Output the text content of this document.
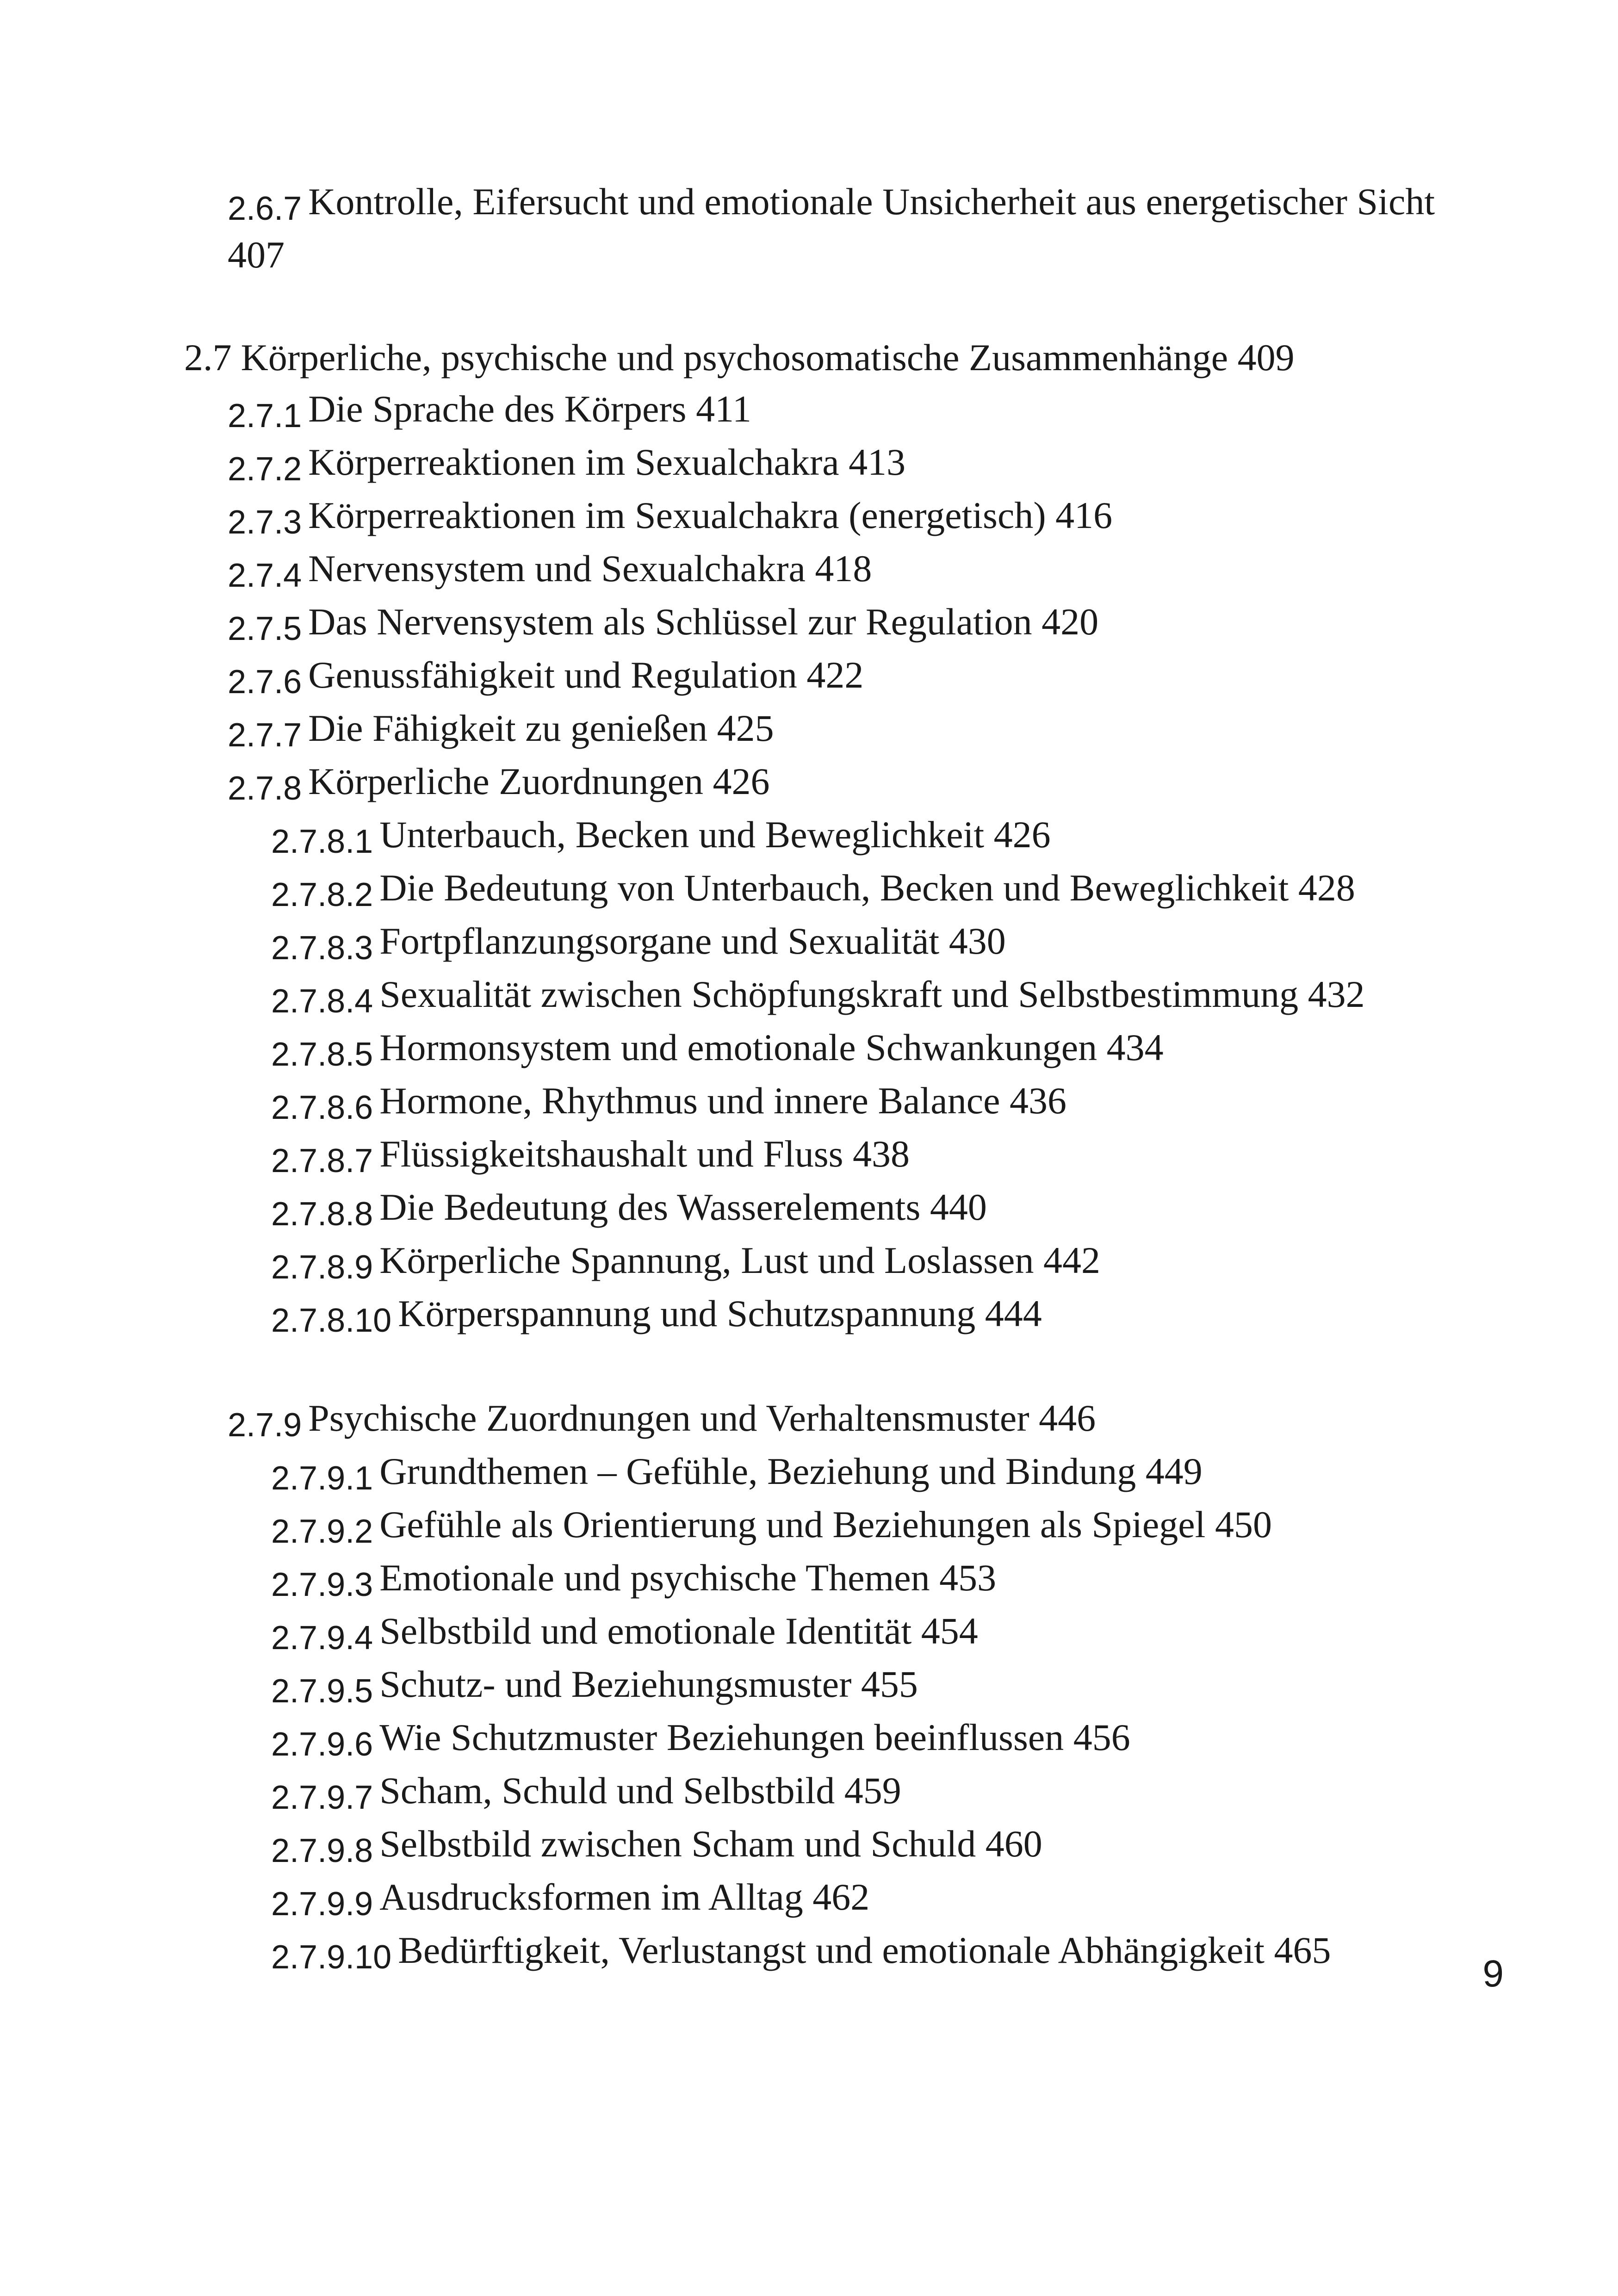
2.6.7 Kontrolle, Eifersucht und emotionale Unsicherheit aus energetischer Sicht 407
2.7 Körperliche, psychische und psychosomatische Zusammenhänge 409
2.7.1 Die Sprache des Körpers 411
2.7.2 Körperreaktionen im Sexualchakra 413
2.7.3 Körperreaktionen im Sexualchakra (energetisch) 416
2.7.4 Nervensystem und Sexualchakra 418
2.7.5 Das Nervensystem als Schlüssel zur Regulation 420
2.7.6 Genussfähigkeit und Regulation 422
2.7.7 Die Fähigkeit zu genießen 425
2.7.8 Körperliche Zuordnungen 426
2.7.8.1 Unterbauch, Becken und Beweglichkeit 426
2.7.8.2 Die Bedeutung von Unterbauch, Becken und Beweglichkeit 428
2.7.8.3 Fortpflanzungsorgane und Sexualität 430
2.7.8.4 Sexualität zwischen Schöpfungskraft und Selbstbestimmung 432
2.7.8.5 Hormonsystem und emotionale Schwankungen 434
2.7.8.6 Hormone, Rhythmus und innere Balance 436
2.7.8.7 Flüssigkeitshaushalt und Fluss 438
2.7.8.8 Die Bedeutung des Wasserelements 440
2.7.8.9 Körperliche Spannung, Lust und Loslassen 442
2.7.8.10 Körperspannung und Schutzspannung 444
2.7.9 Psychische Zuordnungen und Verhaltensmuster 446
2.7.9.1 Grundthemen – Gefühle, Beziehung und Bindung 449
2.7.9.2 Gefühle als Orientierung und Beziehungen als Spiegel 450
2.7.9.3 Emotionale und psychische Themen 453
2.7.9.4 Selbstbild und emotionale Identität 454
2.7.9.5 Schutz- und Beziehungsmuster 455
2.7.9.6 Wie Schutzmuster Beziehungen beeinflussen 456
2.7.9.7 Scham, Schuld und Selbstbild 459
2.7.9.8 Selbstbild zwischen Scham und Schuld 460
2.7.9.9 Ausdrucksformen im Alltag 462
2.7.9.10 Bedürftigkeit, Verlustangst und emotionale Abhängigkeit 465
9
